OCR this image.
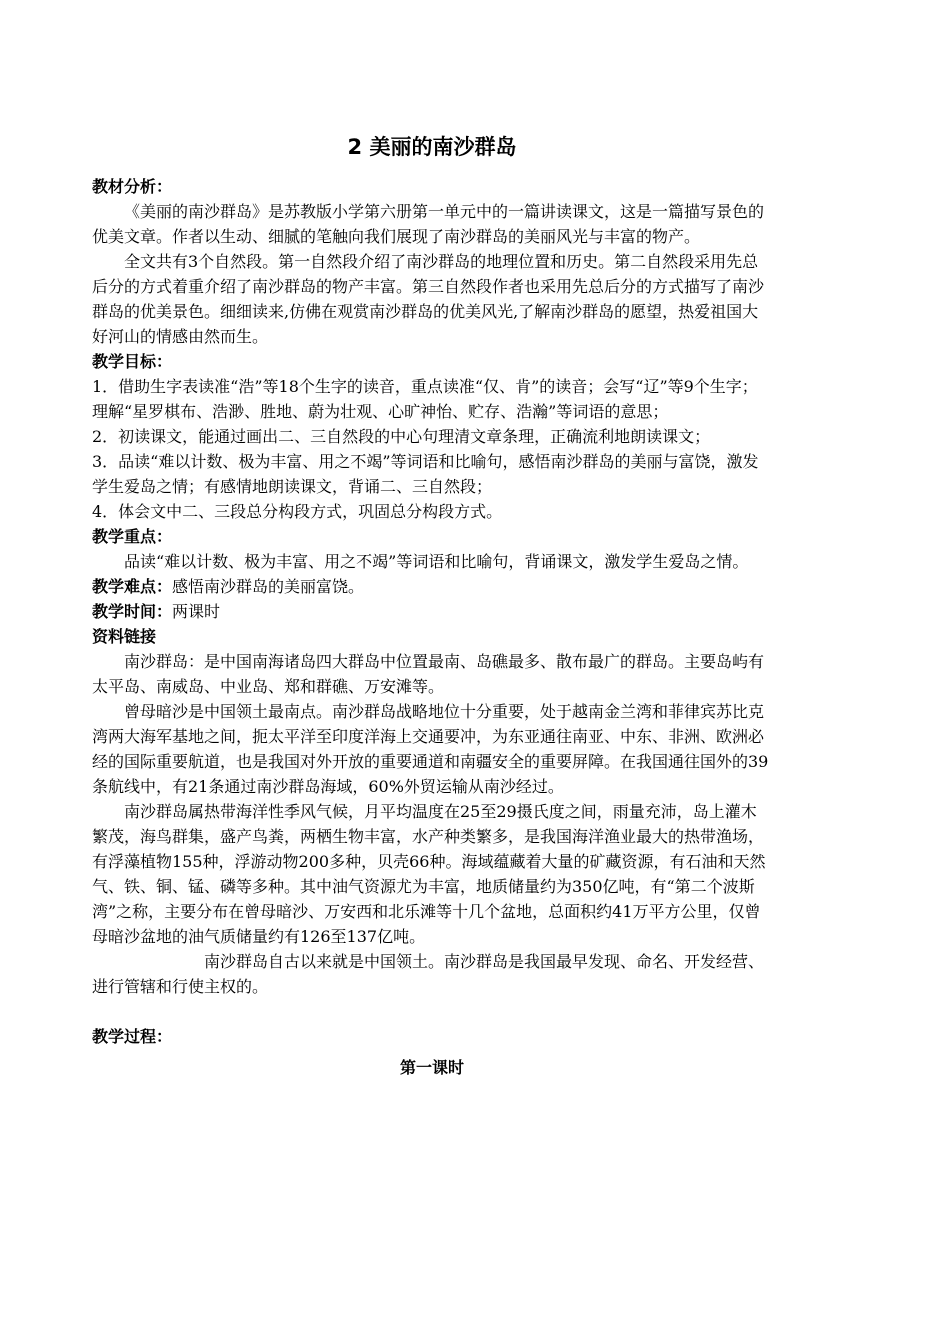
2 美丽的南沙群岛
教材分析：

《美丽的南沙群岛》是苏教版小学第六册第一单元中的一篇讲读课文，这是一篇描写景色的优美文章。作者以生动、细腻的笔触向我们展现了南沙群岛的美丽风光与丰富的物产。

全文共有3个自然段。第一自然段介绍了南沙群岛的地理位置和历史。第二自然段采用先总后分的方式着重介绍了南沙群岛的物产丰富。第三自然段作者也采用先总后分的方式描写了南沙群岛的优美景色。细细读来,仿佛在观赏南沙群岛的优美风光,了解南沙群岛的愿望，热爱祖国大好河山的情感由然而生。

教学目标：

1．借助生字表读准“浩”等18个生字的读音，重点读准“仅、肯”的读音；会写“辽”等9个生字；理解“星罗棋布、浩渺、胜地、蔚为壮观、心旷神怡、贮存、浩瀚”等词语的意思；

2．初读课文，能通过画出二、三自然段的中心句理清文章条理，正确流利地朗读课文；

3．品读“难以计数、极为丰富、用之不竭”等词语和比喻句，感悟南沙群岛的美丽与富饶，激发学生爱岛之情；有感情地朗读课文，背诵二、三自然段；

4．体会文中二、三段总分构段方式，巩固总分构段方式。

教学重点：

品读“难以计数、极为丰富、用之不竭”等词语和比喻句，背诵课文，激发学生爱岛之情。

教学难点：感悟南沙群岛的美丽富饶。

教学时间：两课时

资料链接

南沙群岛：是中国南海诸岛四大群岛中位置最南、岛礁最多、散布最广的群岛。主要岛屿有太平岛、南威岛、中业岛、郑和群礁、万安滩等。

曾母暗沙是中国领土最南点。南沙群岛战略地位十分重要，处于越南金兰湾和菲律宾苏比克湾两大海军基地之间，扼太平洋至印度洋海上交通要冲，为东亚通往南亚、中东、非洲、欧洲必经的国际重要航道，也是我国对外开放的重要通道和南疆安全的重要屏障。在我国通往国外的39条航线中，有21条通过南沙群岛海域，60%外贸运输从南沙经过。

南沙群岛属热带海洋性季风气候，月平均温度在25至29摄氏度之间，雨量充沛，岛上灌木繁茂，海鸟群集，盛产鸟粪，两栖生物丰富，水产种类繁多，是我国海洋渔业最大的热带渔场，有浮藻植物155种，浮游动物200多种，贝壳66种。海域蕴藏着大量的矿藏资源，有石油和天然气、铁、铜、锰、磷等多种。其中油气资源尤为丰富，地质储量约为350亿吨，有“第二个波斯湾”之称，主要分布在曾母暗沙、万安西和北乐滩等十几个盆地，总面积约41万平方公里，仅曾母暗沙盆地的油气质储量约有126至137亿吨。

南沙群岛自古以来就是中国领土。南沙群岛是我国最早发现、命名、开发经营、进行管辖和行使主权的。

教学过程：
第一课时
